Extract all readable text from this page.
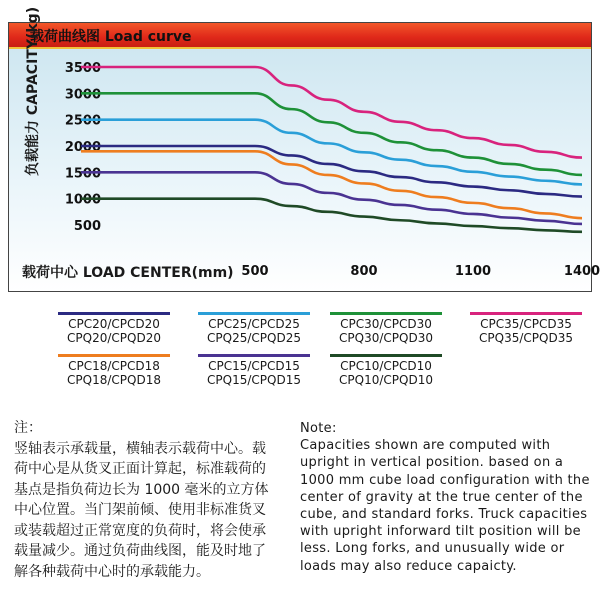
载荷曲线图 Load curve
500
1000
1500
2000
2500
3000
3500
500	800	1100	1400
负载能力 CAPACITY(kg)
载荷中心 LOAD CENTER(mm)
CPC20/CPCD20
CPQ20/CPQD20
CPC25/CPCD25
CPQ25/CPQD25
CPC30/CPCD30
CPQ30/CPQD30
CPC35/CPCD35
CPQ35/CPQD35
CPC18/CPCD18
CPQ18/CPQD18
CPC15/CPCD15
CPQ15/CPQD15
CPC10/CPCD10
CPQ10/CPQD10
注：
竖轴表示承载量，横轴表示载荷中心。载荷中心是从货叉正面计算起，标准载荷的基点是指负荷边长为 1000 毫米的立方体中心位置。当门架前倾、使用非标准货叉或装载超过正常宽度的负荷时，将会使承载量减少。通过负荷曲线图，能及时地了解各种载荷中心时的承载能力。
Note:
Capacities shown are computed with upright in vertical position. based on a 1000 mm cube load configuration with the center of gravity at the true center of the cube, and standard forks. Truck capacities with upright inforward tilt position will be less. Long forks, and unusually wide or loads may also reduce capaicty.
